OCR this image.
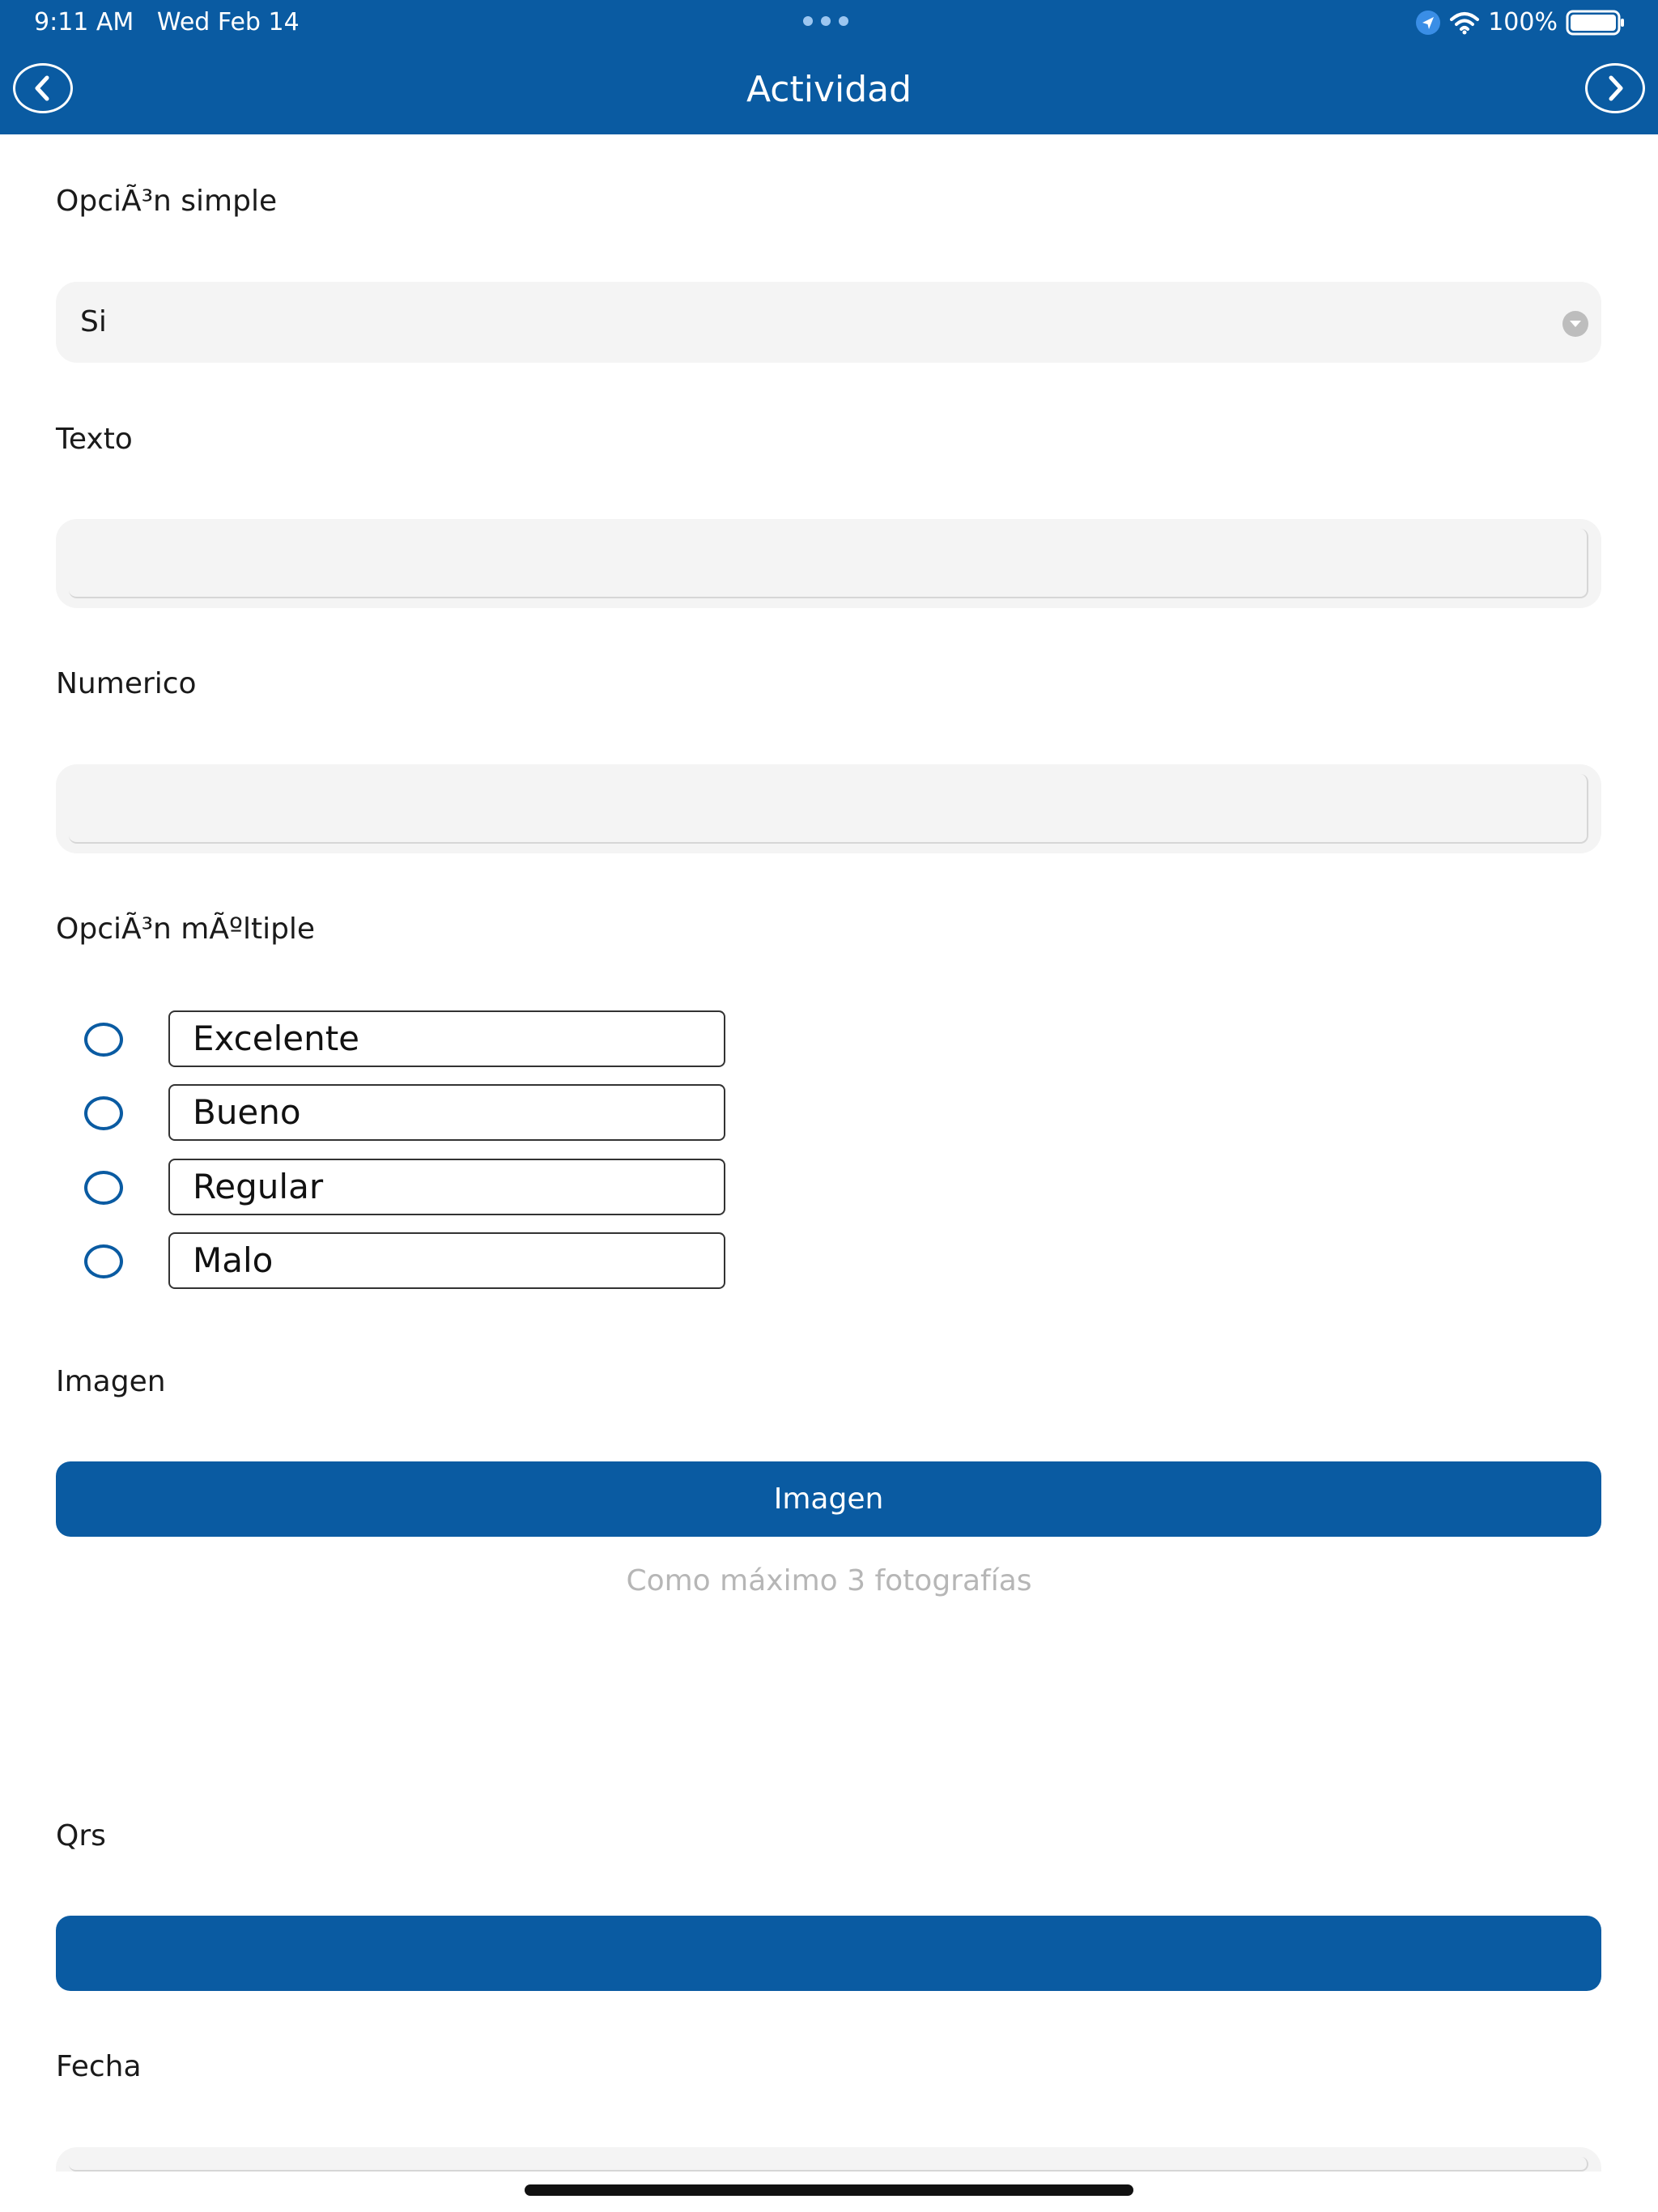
9:11 AM Wed Feb 14	100%
Actividad
OpciÃ³n simple
Si
Texto
Numerico
OpciÃ³n mÃºltiple
Excelente
Bueno
Regular
Malo
Imagen
Imagen
Como máximo 3 fotografías
Qrs
Fecha
